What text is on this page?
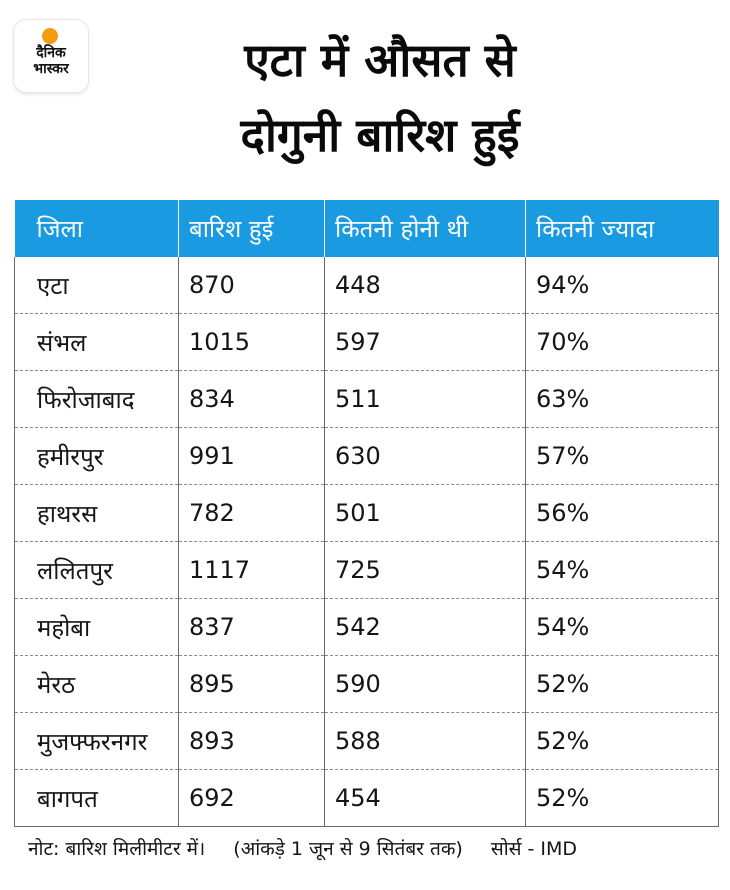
दैनिक
भास्कर	एटा में औसत से
दोगुनी बारिश हुई
जिला	बारिश हुई	कितनी होनी थी	कितनी ज्यादा
एटा	870	448	94%
संभल	1015	597	70%
फिरोजाबाद	834	511	63%
हमीरपुर	991	630	57%
हाथरस	782	501	56%
ललितपुर	1117	725	54%
महोबा	837	542	54%
मेरठ	895	590	52%
मुजफ्फरनगर	893	588	52%
बागपत	692	454	52%
नोट: बारिश मिलीमीटर में। (आंकड़े 1 जून से 9 सितंबर तक) सोर्स - IMD
